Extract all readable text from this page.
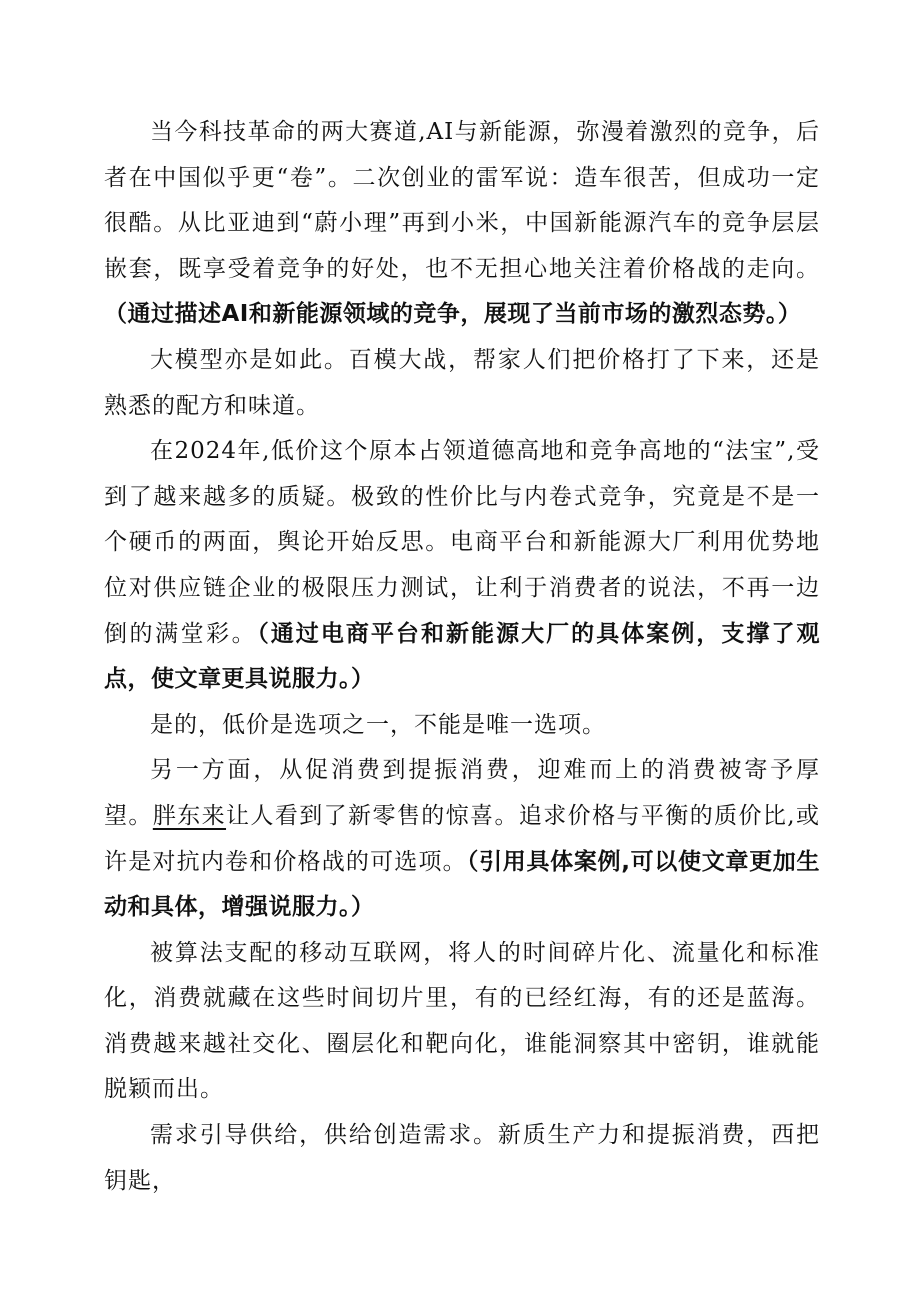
当今科技革命的两大赛道,AI与新能源，弥漫着激烈的竞争，后者在中国似乎更“卷”。二次创业的雷军说：造车很苦，但成功一定很酷。从比亚迪到“蔚小理”再到小米，中国新能源汽车的竞争层层嵌套，既享受着竞争的好处，也不无担心地关注着价格战的走向。（通过描述AI和新能源领域的竞争，展现了当前市场的激烈态势。）

大模型亦是如此。百模大战，帮家人们把价格打了下来，还是熟悉的配方和味道。

在2024年,低价这个原本占领道德高地和竞争高地的“法宝”,受到了越来越多的质疑。极致的性价比与内卷式竞争，究竟是不是一个硬币的两面，舆论开始反思。电商平台和新能源大厂利用优势地位对供应链企业的极限压力测试，让利于消费者的说法，不再一边倒的满堂彩。（通过电商平台和新能源大厂的具体案例，支撑了观点，使文章更具说服力。）

是的，低价是选项之一，不能是唯一选项。

另一方面，从促消费到提振消费，迎难而上的消费被寄予厚望。胖东来让人看到了新零售的惊喜。追求价格与平衡的质价比,或许是对抗内卷和价格战的可选项。（引用具体案例,可以使文章更加生动和具体，增强说服力。）

被算法支配的移动互联网，将人的时间碎片化、流量化和标准化，消费就藏在这些时间切片里，有的已经红海，有的还是蓝海。消费越来越社交化、圈层化和靶向化，谁能洞察其中密钥，谁就能脱颖而出。

需求引导供给，供给创造需求。新质生产力和提振消费，西把钥匙，
